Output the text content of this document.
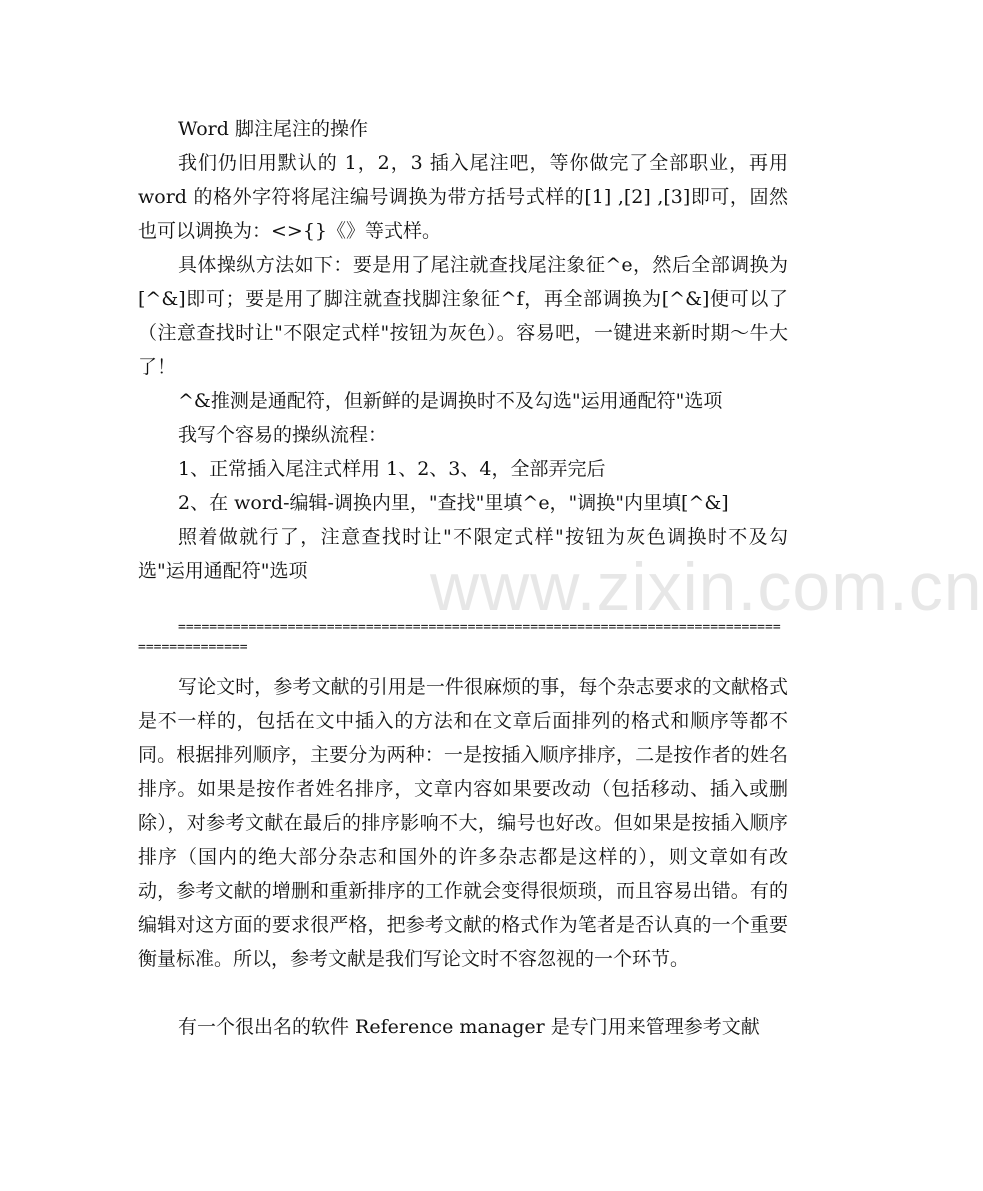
www.zixin.com.cn

Word 脚注尾注的操作

我们仍旧用默认的 1，2，3 插入尾注吧，等你做完了全部职业，再用 word 的格外字符将尾注编号调换为带方括号式样的[1] ,[2] ,[3]即可，固然也可以调换为：<>{}《》等式样。

具体操纵方法如下：要是用了尾注就查找尾注象征^e，然后全部调换为[^&]即可；要是用了脚注就查找脚注象征^f，再全部调换为[^&]便可以了（注意查找时让"不限定式样"按钮为灰色）。容易吧，一键进来新时期～牛大了！

^&推测是通配符，但新鲜的是调换时不及勾选"运用通配符"选项

我写个容易的操纵流程：

1、正常插入尾注式样用 1、2、3、4，全部弄完后

2、在 word-编辑-调换内里，"查找"里填^e，"调换"内里填[^&]

照着做就行了，注意查找时让"不限定式样"按钮为灰色调换时不及勾选"运用通配符"选项

===========================================================================================

写论文时，参考文献的引用是一件很麻烦的事，每个杂志要求的文献格式是不一样的，包括在文中插入的方法和在文章后面排列的格式和顺序等都不同。根据排列顺序，主要分为两种：一是按插入顺序排序，二是按作者的姓名排序。如果是按作者姓名排序，文章内容如果要改动（包括移动、插入或删除），对参考文献在最后的排序影响不大，编号也好改。但如果是按插入顺序排序（国内的绝大部分杂志和国外的许多杂志都是这样的），则文章如有改动，参考文献的增删和重新排序的工作就会变得很烦琐，而且容易出错。有的编辑对这方面的要求很严格，把参考文献的格式作为笔者是否认真的一个重要衡量标准。所以，参考文献是我们写论文时不容忽视的一个环节。

有一个很出名的软件 Reference manager 是专门用来管理参考文献
